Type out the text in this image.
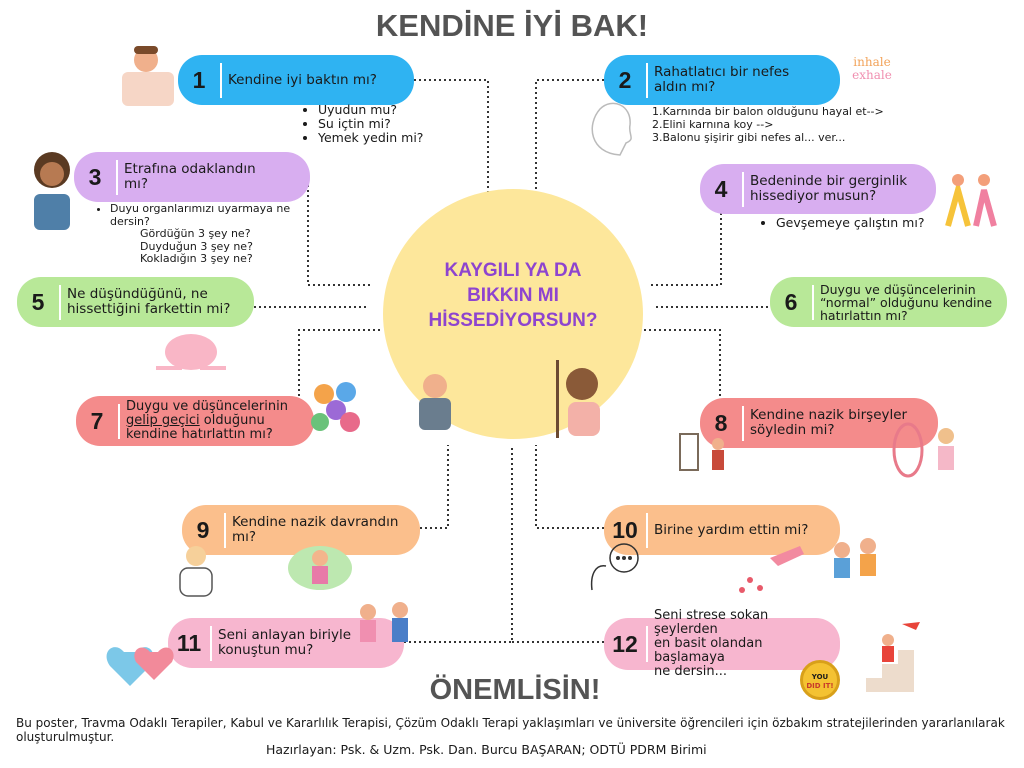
KENDİNE İYİ BAK!
KAYGILI YA DA
BIKKIN MI
HİSSEDİYORSUN?
1	Kendine iyi baktın mı?
• Uyudun mu?
• Su içtin mi?
• Yemek yedin mi?
2	Rahatlatıcı bir nefes
aldın mı?
1.Karnında bir balon olduğunu hayal et-->
2.Elini karnına koy -->
3.Balonu şişirir gibi nefes al... ver...
3	Etrafına odaklandın
mı?
• Duyu organlarımızı uyarmaya ne
dersin?
Gördüğün 3 şey ne?
Duyduğun 3 şey ne?
Kokladığın 3 şey ne?
4	Bedeninde bir gerginlik
hissediyor musun?
• Gevşemeye çalıştın mı?
5	Ne düşündüğünü, ne
hissettiğini farkettin mi?	6	Duygu ve düşüncelerinin
“normal” olduğunu kendine
hatırlattın mı?
7
Duygu ve düşüncelerinin
gelip geçici olduğunu
kendine hatırlattın mı?	8	Kendine nazik birşeyler
söyledin mi?
9	Kendine nazik davrandın
mı?	10	Birine yardım ettin mi?
11	Seni anlayan biriyle
konuştun mu?	12
Seni strese sokan şeylerden
en basit olandan başlamaya
ne dersin...
inhale
exhale
YOU
DID IT!
ÖNEMLİSİN!
Bu poster, Travma Odaklı Terapiler, Kabul ve Kararlılık Terapisi, Çözüm Odaklı Terapi yaklaşımları ve üniversite öğrencileri için özbakım stratejilerinden yararlanılarak oluşturulmuştur.
Hazırlayan: Psk. & Uzm. Psk. Dan. Burcu BAŞARAN; ODTÜ PDRM Birimi
